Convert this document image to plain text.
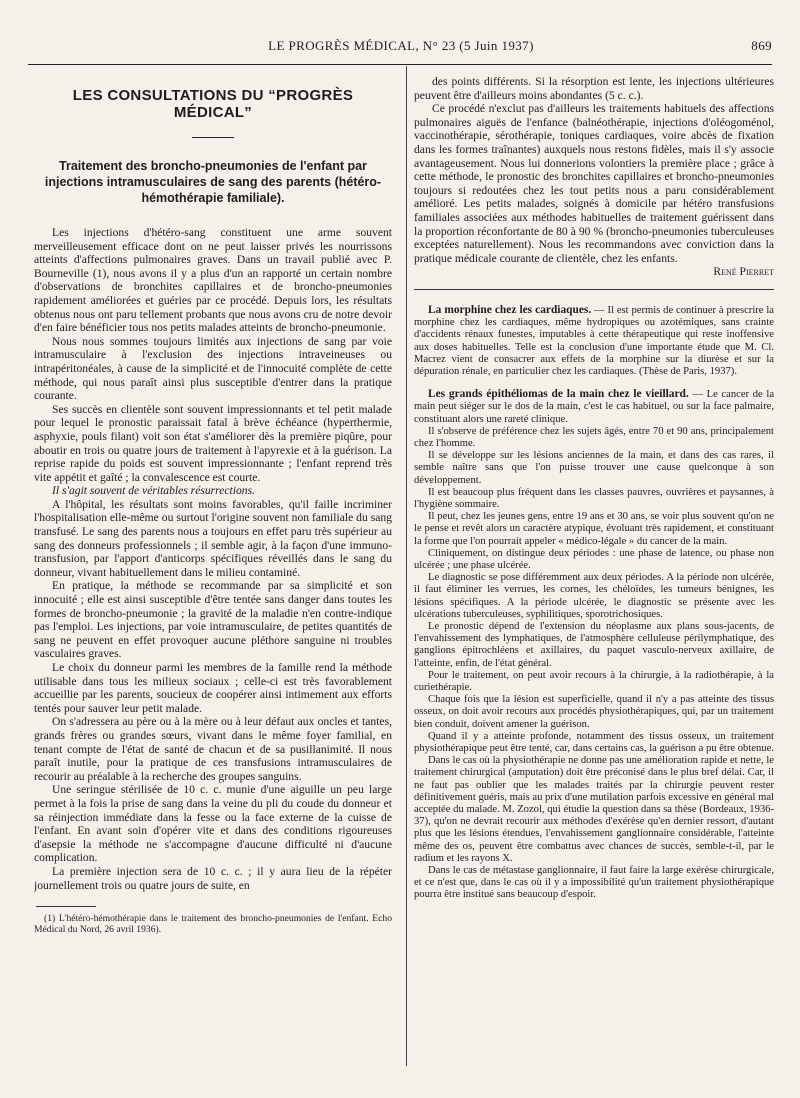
LE PROGRÈS MÉDICAL, N° 23 (5 Juin 1937)	869
LES CONSULTATIONS DU “PROGRÈS MÉDICAL”
Traitement des broncho-pneumonies de l'enfant par injections intramusculaires de sang des parents (hétéro-hémothérapie familiale).

Les injections d'hétéro-sang constituent une arme souvent merveilleusement efficace dont on ne peut laisser privés les nourrissons atteints d'affections pulmonaires graves. Dans un travail publié avec P. Bourneville (1), nous avons il y a plus d'un an rapporté un certain nombre d'observations de bronchites capillaires et de broncho-pneumonies rapidement améliorées et guéries par ce procédé. Depuis lors, les résultats obtenus nous ont paru tellement probants que nous avons cru de notre devoir d'en faire bénéficier tous nos petits malades atteints de broncho-pneumonie.

Nous nous sommes toujours limités aux injections de sang par voie intramusculaire à l'exclusion des injections intraveineuses ou intrapéritonéales, à cause de la simplicité et de l'innocuité complète de cette méthode, qui nous paraît ainsi plus susceptible d'entrer dans la pratique courante.

Ses succès en clientèle sont souvent impressionnants et tel petit malade pour lequel le pronostic paraissait fatal à brève échéance (hyperthermie, asphyxie, pouls filant) voit son état s'améliorer dès la première piqûre, pour aboutir en trois ou quatre jours de traitement à l'apyrexie et à la guérison. La reprise rapide du poids est souvent impressionnante ; l'enfant reprend très vite appétit et gaîté ; la convalescence est courte.

Il s'agit souvent de véritables résurrections.

A l'hôpital, les résultats sont moins favorables, qu'il faille incriminer l'hospitalisation elle-même ou surtout l'origine souvent non familiale du sang transfusé. Le sang des parents nous a toujours en effet paru très supérieur au sang des donneurs professionnels ; il semble agir, à la façon d'une immuno-transfusion, par l'apport d'anticorps spécifiques réveillés dans le sang du donneur, vivant habituellement dans le milieu contaminé.

En pratique, la méthode se recommande par sa simplicité et son innocuité ; elle est ainsi susceptible d'être tentée sans danger dans toutes les formes de broncho-pneumonie ; la gravité de la maladie n'en contre-indique pas l'emploi. Les injections, par voie intramusculaire, de petites quantités de sang ne peuvent en effet provoquer aucune pléthore sanguine ni troubles vasculaires graves.

Le choix du donneur parmi les membres de la famille rend la méthode utilisable dans tous les milieux sociaux ; celle-ci est très favorablement accueillie par les parents, soucieux de coopérer ainsi intimement aux efforts tentés pour sauver leur petit malade.

On s'adressera au père ou à la mère ou à leur défaut aux oncles et tantes, grands frères ou grandes sœurs, vivant dans le même foyer familial, en tenant compte de l'état de santé de chacun et de sa pusillanimité. Il nous paraît inutile, pour la pratique de ces transfusions intramusculaires de recourir au préalable à la recherche des groupes sanguins.

Une seringue stérilisée de 10 c. c. munie d'une aiguille un peu large permet à la fois la prise de sang dans la veine du pli du coude du donneur et sa réinjection immédiate dans la fesse ou la face externe de la cuisse de l'enfant. En avant soin d'opérer vite et dans des conditions rigoureuses d'asepsie la méthode ne s'accompagne d'aucune difficulté ni d'aucune complication.

La première injection sera de 10 c. c. ; il y aura lieu de la répéter journellement trois ou quatre jours de suite, en

(1) L'hétéro-hémothérapie dans le traitement des broncho-pneumonies de l'enfant. Echo Médical du Nord, 26 avril 1936).

des points différents. Si la résorption est lente, les injections ultérieures peuvent être d'ailleurs moins abondantes (5 c. c.).

Ce procédé n'exclut pas d'ailleurs les traitements habituels des affections pulmonaires aiguës de l'enfance (balnéothérapie, injections d'oléogoménol, vaccinothérapie, sérothérapie, toniques cardiaques, voire abcès de fixation dans les formes traînantes) auxquels nous restons fidèles, mais il s'y associe avantageusement. Nous lui donnerions volontiers la première place ; grâce à cette méthode, le pronostic des bronchites capillaires et broncho-pneumonies toujours si redoutées chez les tout petits nous a paru considérablement amélioré. Les petits malades, soignés à domicile par hétéro transfusions familiales associées aux méthodes habituelles de traitement guérissent dans la proportion réconfortante de 80 à 90 % (broncho-pneumonies tuberculeuses exceptées naturellement). Nous les recommandons avec conviction dans la pratique médicale courante de clientèle, chez les enfants.

René Pierret

La morphine chez les cardiaques. — Il est permis de continuer à prescrire la morphine chez les cardiaques, même hydropiques ou azotémiques, sans crainte d'accidents rénaux funestes, imputables à cette thérapeutique qui reste inoffensive aux doses habituelles. Telle est la conclusion d'une importante étude que M. Cl. Macrez vient de consacrer aux effets de la morphine sur la diurèse et sur la dépuration rénale, en particulier chez les cardiaques. (Thèse de Paris, 1937).

Les grands épithéliomas de la main chez le vieillard. — Le cancer de la main peut siéger sur le dos de la main, c'est le cas habituel, ou sur la face palmaire, constituant alors une rareté clinique.

Il s'observe de préférence chez les sujets âgés, entre 70 et 90 ans, principalement chez l'homme.

Il se développe sur les lésions anciennes de la main, et dans des cas rares, il semble naître sans que l'on puisse trouver une cause quelconque à son développement.

Il est beaucoup plus fréquent dans les classes pauvres, ouvrières et paysannes, à l'hygiène sommaire.

Il peut, chez les jeunes gens, entre 19 ans et 30 ans, se voir plus souvent qu'on ne le pense et revêt alors un caractère atypique, évoluant très rapidement, et constituant la forme que l'on pourrait appeler « médico-légale » du cancer de la main.

Cliniquement, on distingue deux périodes : une phase de latence, ou phase non ulcérée ; une phase ulcérée.

Le diagnostic se pose différemment aux deux périodes. A la période non ulcérée, il faut éliminer les verrues, les cornes, les chéloïdes, les tumeurs bénignes, les lésions spécifiques. A la période ulcérée, le diagnostic se présente avec les ulcérations tuberculeuses, syphilitiques, sporotrichosiques.

Le pronostic dépend de l'extension du néoplasme aux plans sous-jacents, de l'envahissement des lymphatiques, de l'atmosphère celluleuse périlymphatique, des ganglions épitrochléens et axillaires, du paquet vasculo-nerveux axillaire, de l'atteinte, enfin, de l'état général.

Pour le traitement, on peut avoir recours à la chirurgie, à la radiothérapie, à la curiethérapie.

Chaque fois que la lésion est superficielle, quand il n'y a pas atteinte des tissus osseux, on doit avoir recours aux procédés physiothérapiques, qui, par un traitement bien conduit, doivent amener la guérison.

Quand il y a atteinte profonde, notamment des tissus osseux, un traitement physiothérapique peut être tenté, car, dans certains cas, la guérison a pu être obtenue.

Dans le cas où la physiothérapie ne donne pas une amélioration rapide et nette, le traitement chirurgical (amputation) doit être préconisé dans le plus bref délai. Car, il ne faut pas oublier que les malades traités par la chirurgie peuvent rester définitivement guéris, mais au prix d'une mutilation parfois excessive en général mal acceptée du malade. M. Zozol, qui étudie la question dans sa thèse (Bordeaux, 1936-37), qu'on ne devrait recourir aux méthodes d'exérèse qu'en dernier ressort, d'autant plus que les lésions étendues, l'envahissement ganglionnaire considérable, l'atteinte même des os, peuvent être combattus avec chances de succès, semble-t-il, par le radium et les rayons X.

Dans le cas de métastase ganglionnaire, il faut faire la large exérèse chirurgicale, et ce n'est que, dans le cas où il y a impossibilité qu'un traitement physiothérapique pourra être institué sans beaucoup d'espoir.
